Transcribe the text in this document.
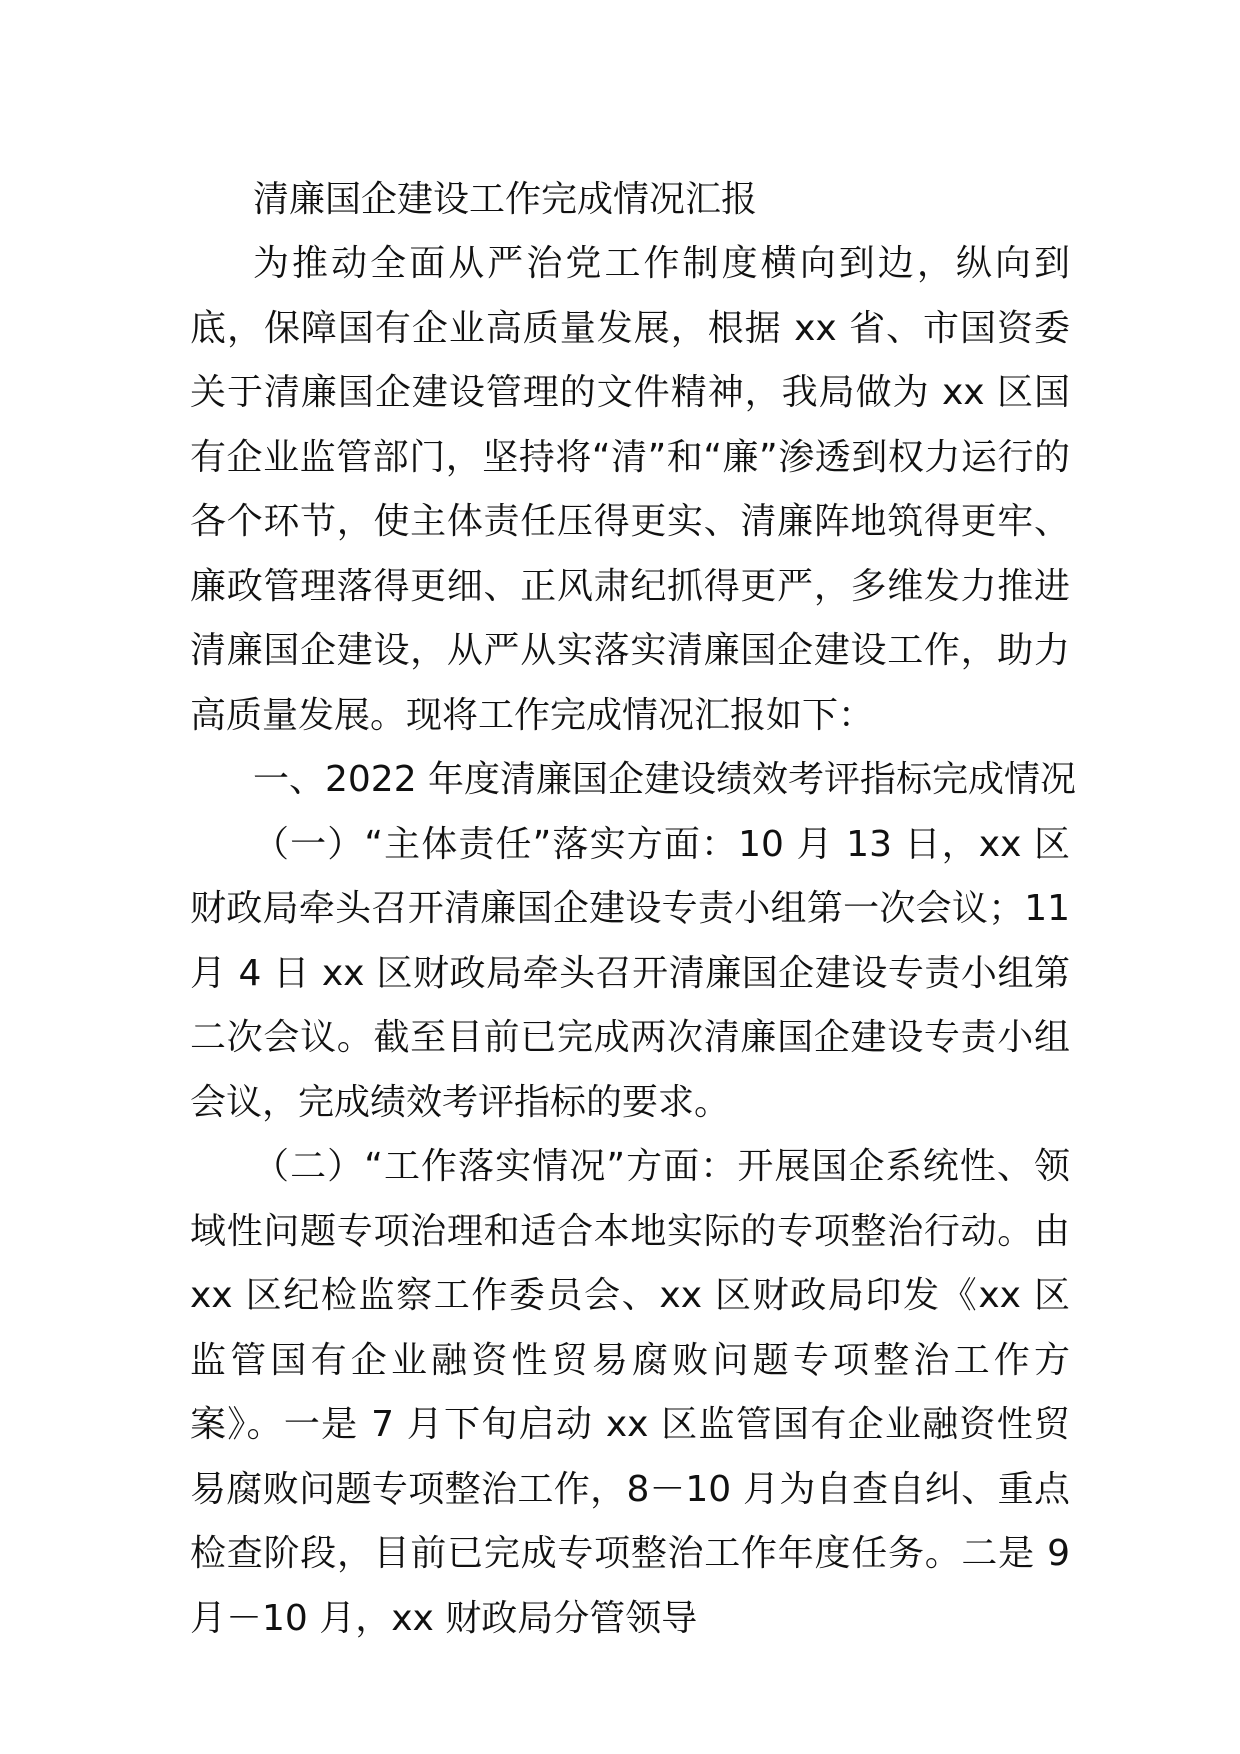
清廉国企建设工作完成情况汇报

为推动全面从严治党工作制度横向到边，纵向到底，保障国有企业高质量发展，根据 xx 省、市国资委关于清廉国企建设管理的文件精神，我局做为 xx 区国有企业监管部门，坚持将“清”和“廉”渗透到权力运行的各个环节，使主体责任压得更实、清廉阵地筑得更牢、廉政管理落得更细、正风肃纪抓得更严，多维发力推进清廉国企建设，从严从实落实清廉国企建设工作，助力高质量发展。现将工作完成情况汇报如下：

一、2022 年度清廉国企建设绩效考评指标完成情况

（一）“主体责任”落实方面：10 月 13 日，xx 区财政局牵头召开清廉国企建设专责小组第一次会议；11 月 4 日 xx 区财政局牵头召开清廉国企建设专责小组第二次会议。截至目前已完成两次清廉国企建设专责小组会议，完成绩效考评指标的要求。

（二）“工作落实情况”方面：开展国企系统性、领域性问题专项治理和适合本地实际的专项整治行动。由 xx 区纪检监察工作委员会、xx 区财政局印发《xx 区监管国有企业融资性贸易腐败问题专项整治工作方案》。一是 7 月下旬启动 xx 区监管国有企业融资性贸易腐败问题专项整治工作，8－10 月为自查自纠、重点检查阶段，目前已完成专项整治工作年度任务。二是 9 月－10 月，xx 财政局分管领导
